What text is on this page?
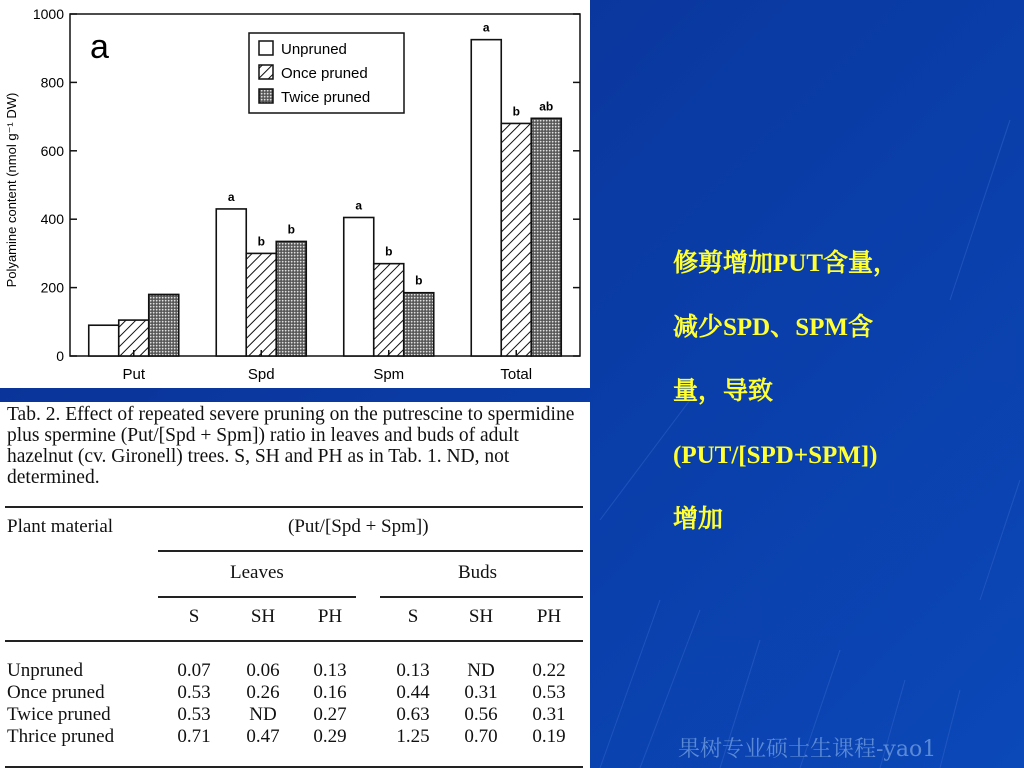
0
200
400
600
800
1000
a
b
b
a
b
b
a
b ab
Put	Spd	Spm	Total
Unpruned
Once pruned
Twice pruned
a
Polyamine content (nmol g⁻¹ DW)

Tab. 2. Effect of repeated severe pruning on the putrescine to spermidine plus spermine (Put/[Spd + Spm]) ratio in leaves and buds of adult hazelnut (cv. Gironell) trees. S, SH and PH as in Tab. 1. ND, not determined.

Plant material	(Put/[Spd + Spm])
Leaves	Buds
S	SH PH	S	SH PH
Unpruned	0.07 0.06 0.13	0.13 ND 0.22
Once pruned	0.53 0.26 0.16	0.44 0.31 0.53
Twice pruned	0.53 ND 0.27	0.63 0.56 0.31
Thrice pruned	0.71 0.47 0.29	1.25 0.70 0.19
修剪增加PUT含量，
减少SPD、SPM含
量，导致
(PUT/[SPD+SPM])
增加
果树专业硕士生课程-yao1
